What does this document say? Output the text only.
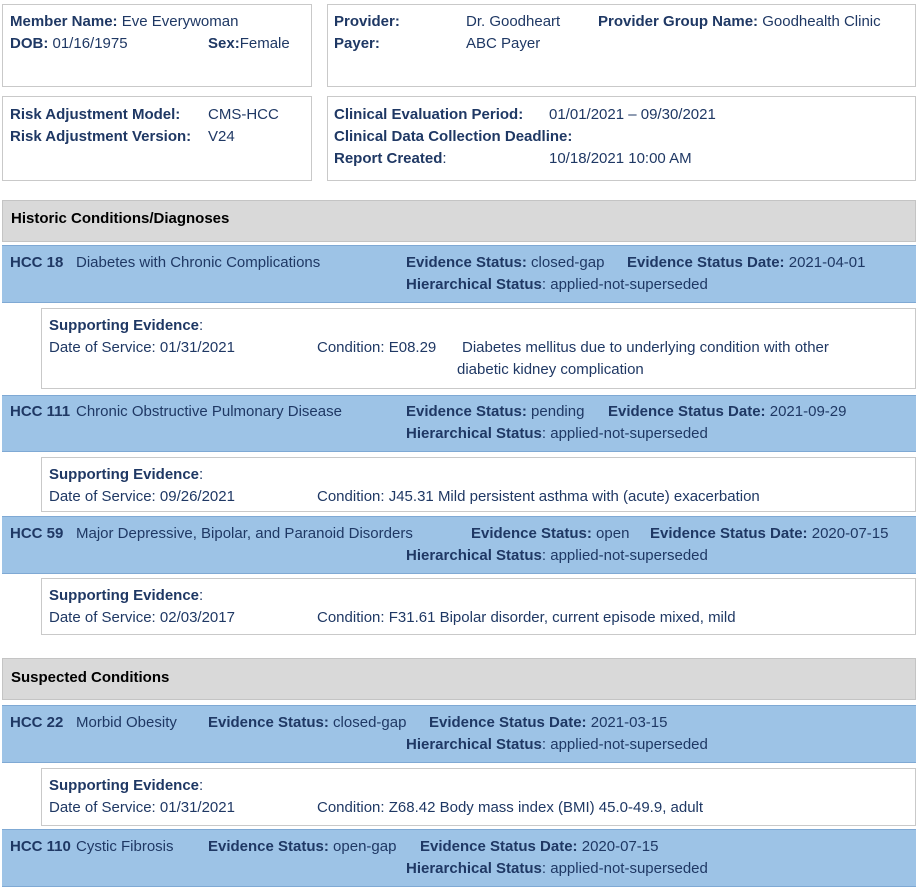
Member Name: Eve Everywoman
DOB: 01/16/1975	Sex:Female
Provider:	Dr. Goodheart	Provider Group Name: Goodhealth Clinic
Payer:	ABC Payer
Risk Adjustment Model: CMS-HCC
Risk Adjustment Version: V24
Clinical Evaluation Period: 01/01/2021 – 09/30/2021
Clinical Data Collection Deadline:
Report Created:	10/18/2021 10:00 AM
Historic Conditions/Diagnoses
HCC 18 Diabetes with Chronic Complications	Evidence Status: closed-gap Evidence Status Date: 2021-04-01
Hierarchical Status: applied-not-superseded
Supporting Evidence:
Date of Service: 01/31/2021	Condition: E08.29 Diabetes mellitus due to underlying condition with other
diabetic kidney complication
HCC 111 Chronic Obstructive Pulmonary Disease	Evidence Status: pending Evidence Status Date: 2021-09-29
Hierarchical Status: applied-not-superseded
Supporting Evidence:
Date of Service: 09/26/2021	Condition: J45.31 Mild persistent asthma with (acute) exacerbation
HCC 59 Major Depressive, Bipolar, and Paranoid Disorders	Evidence Status: open Evidence Status Date: 2020-07-15
Hierarchical Status: applied-not-superseded
Supporting Evidence:
Date of Service: 02/03/2017	Condition: F31.61 Bipolar disorder, current episode mixed, mild
Suspected Conditions
HCC 22 Morbid Obesity Evidence Status: closed-gap Evidence Status Date: 2021-03-15
Hierarchical Status: applied-not-superseded
Supporting Evidence:
Date of Service: 01/31/2021	Condition: Z68.42 Body mass index (BMI) 45.0-49.9, adult
HCC 110 Cystic Fibrosis Evidence Status: open-gap Evidence Status Date: 2020-07-15
Hierarchical Status: applied-not-superseded
